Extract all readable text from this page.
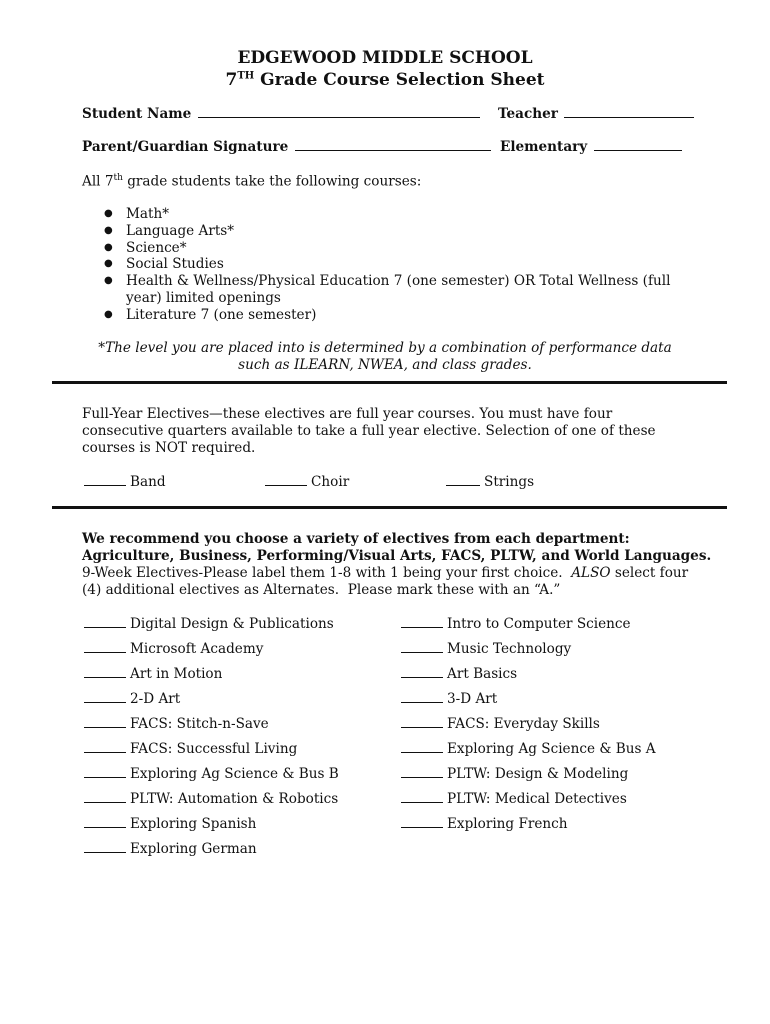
EDGEWOOD MIDDLE SCHOOL
7TH Grade Course Selection Sheet
Student Name	Teacher
Parent/Guardian Signature	Elementary
All 7th grade students take the following courses:
● Math*
● Language Arts*
● Science*
● Social Studies
● Health & Wellness/Physical Education 7 (one semester) OR Total Wellness (full year) limited openings
● Literature 7 (one semester)
*The level you are placed into is determined by a combination of performance data such as ILEARN, NWEA, and class grades.
Full-Year Electives—these electives are full year courses. You must have four
consecutive quarters available to take a full year elective. Selection of one of these
courses is NOT required.
Band	Choir	Strings
We recommend you choose a variety of electives from each department:
Agriculture, Business, Performing/Visual Arts, FACS, PLTW, and World Languages.
9-Week Electives-Please label them 1-8 with 1 being your first choice.  ALSO select four
(4) additional electives as Alternates.  Please mark these with an “A.”
Digital Design & Publications
Microsoft Academy
Art in Motion
2-D Art
FACS: Stitch-n-Save
FACS: Successful Living
Exploring Ag Science & Bus B
PLTW: Automation & Robotics
Exploring Spanish
Exploring German
Intro to Computer Science
Music Technology
Art Basics
3-D Art
FACS: Everyday Skills
Exploring Ag Science & Bus A
PLTW: Design & Modeling
PLTW: Medical Detectives
Exploring French
